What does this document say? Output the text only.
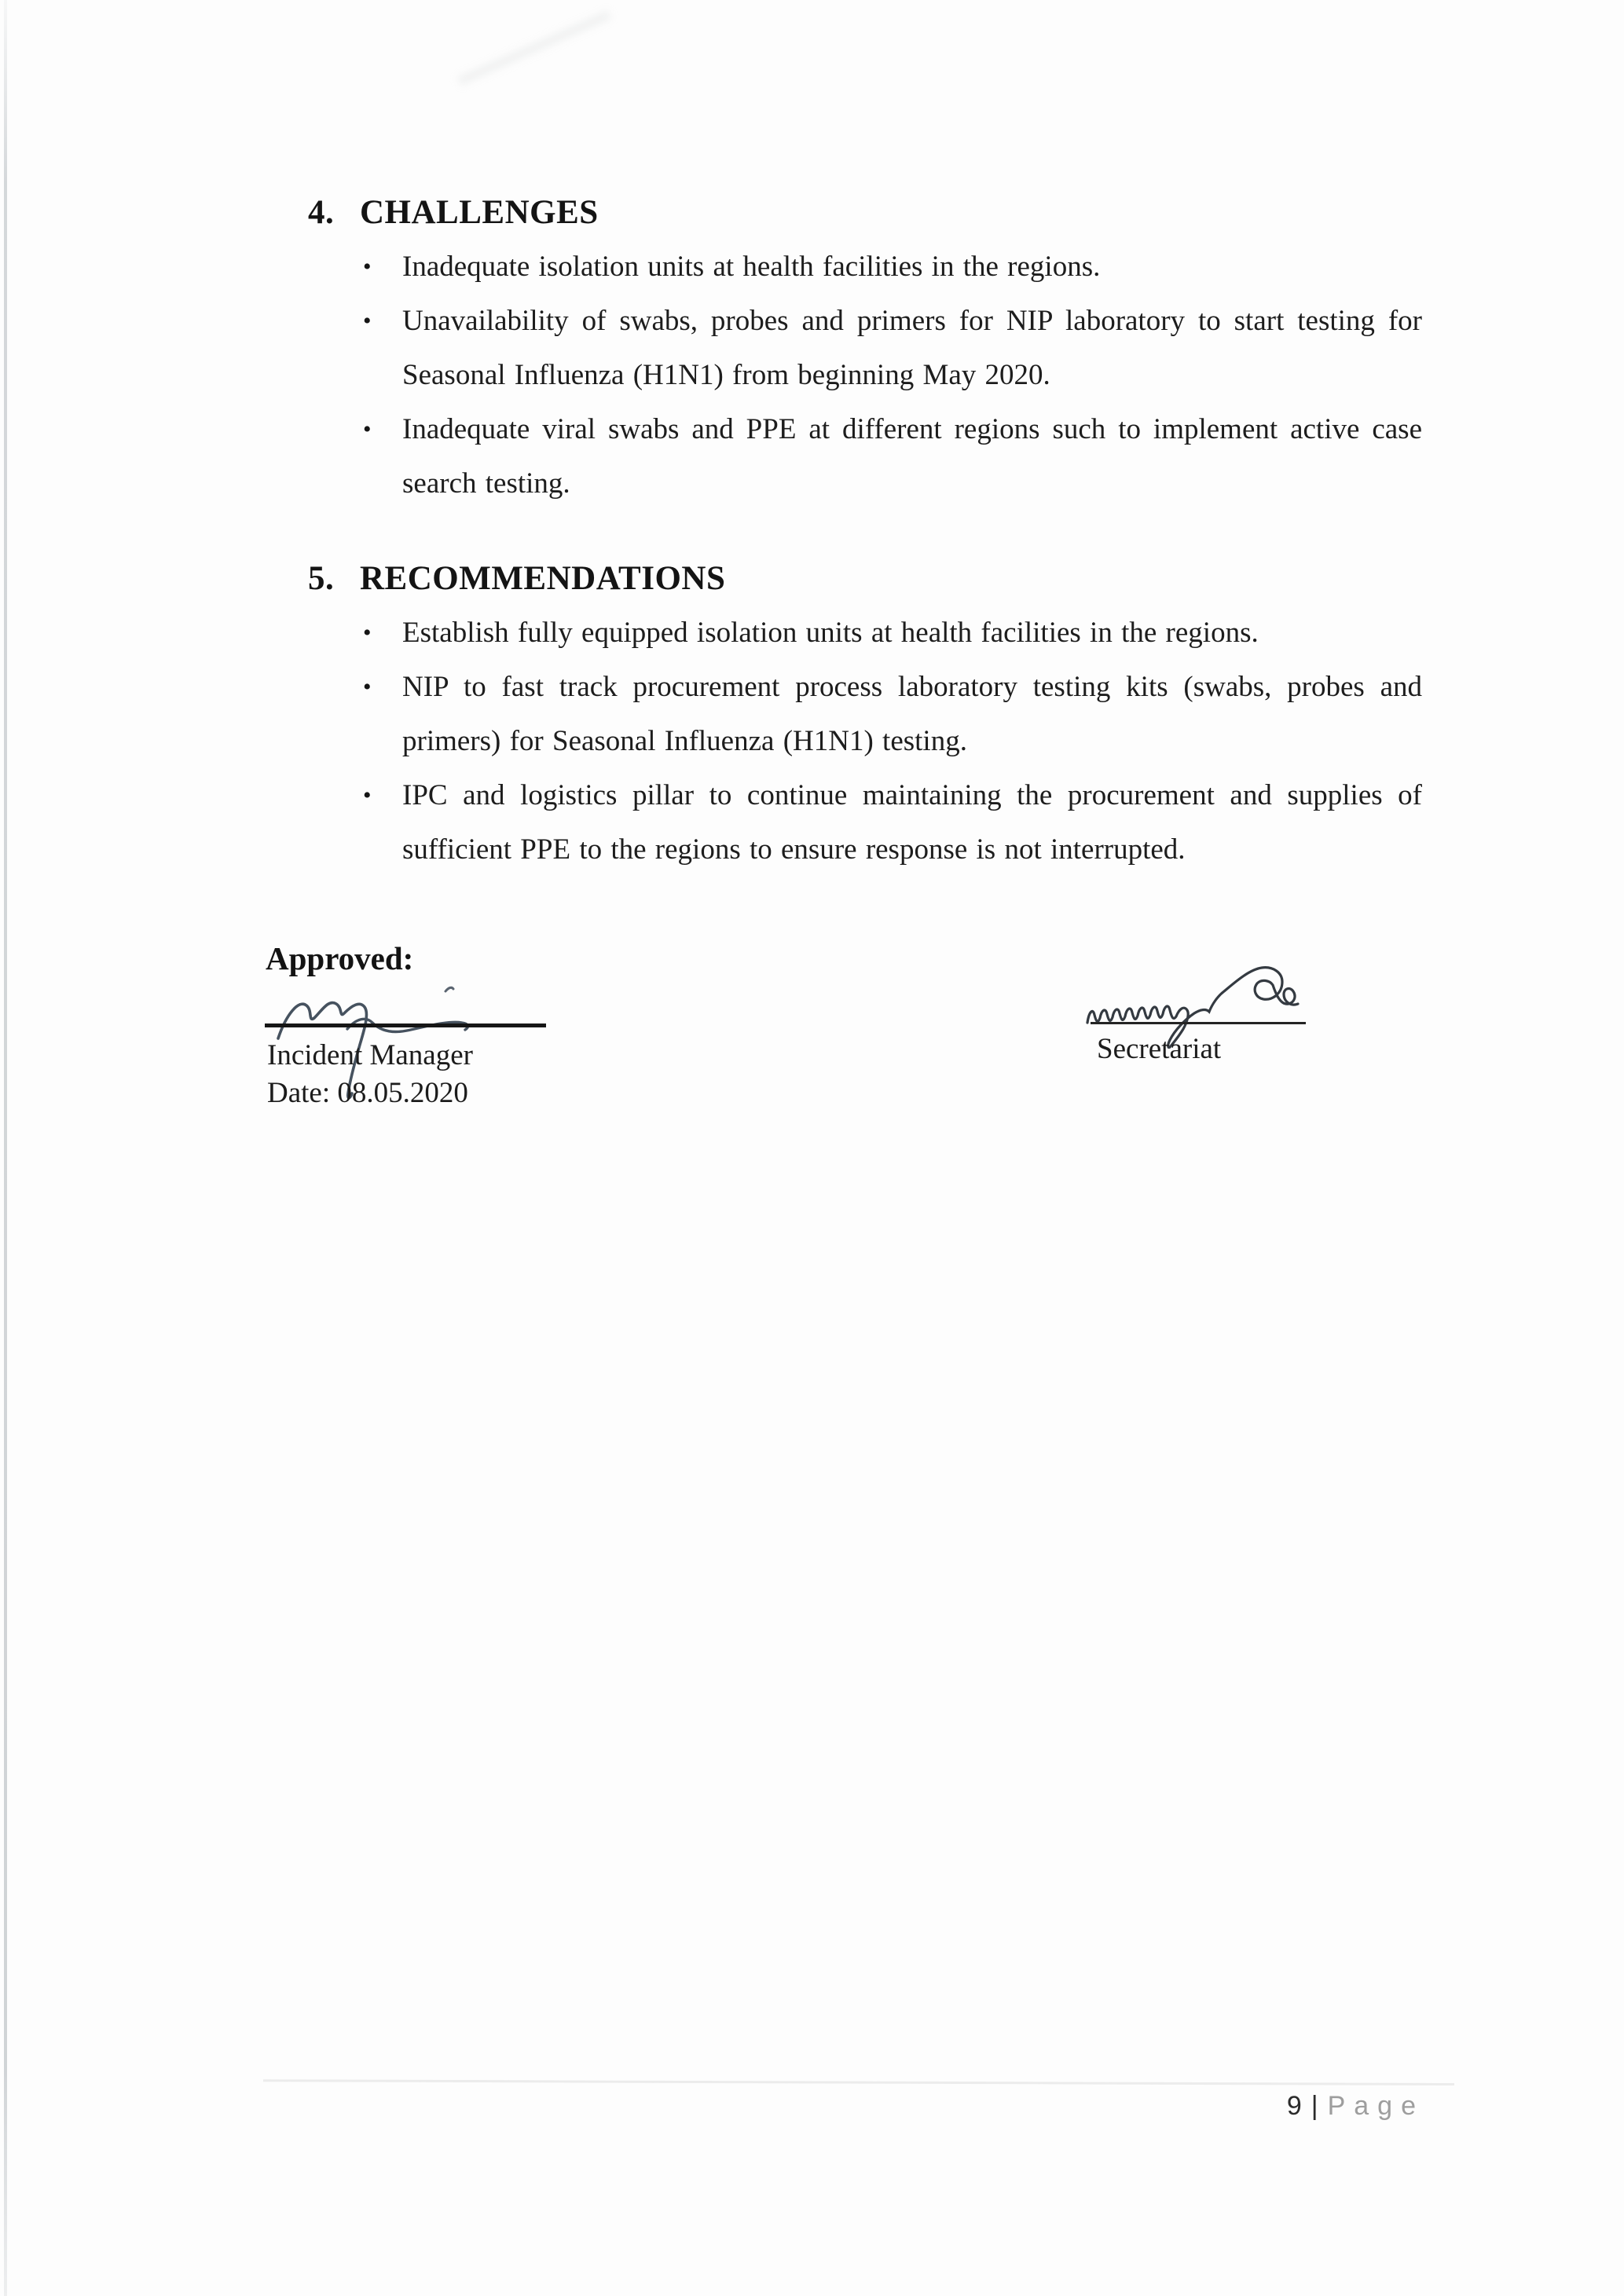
4. CHALLENGES
•	Inadequate isolation units at health facilities in the regions.
•	Unavailability of swabs, probes and primers for NIP laboratory to start testing for Seasonal Influenza (H1N1) from beginning May 2020.
•	Inadequate viral swabs and PPE at different regions such to implement active case search testing.
5. RECOMMENDATIONS
•	Establish fully equipped isolation units at health facilities in the regions.
•	NIP to fast track procurement process laboratory testing kits (swabs, probes and primers) for Seasonal Influenza (H1N1) testing.
•	IPC and logistics pillar to continue maintaining the procurement and supplies of sufficient PPE to the regions to ensure response is not interrupted.
Approved:
Incident Manager
Date: 08.05.2020
Secretariat
9 | Page
